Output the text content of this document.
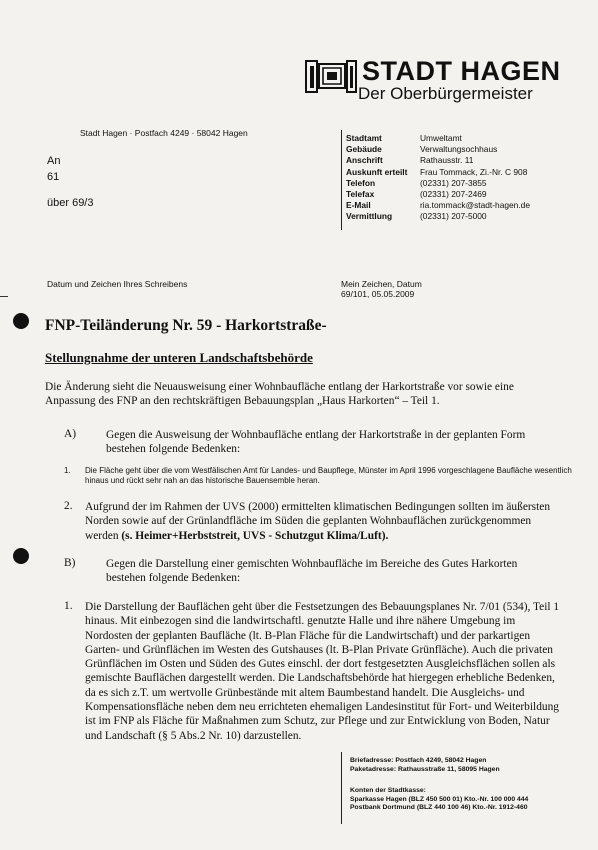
STADT HAGEN
Der Oberbürgermeister
Stadt Hagen · Postfach 4249 · 58042 Hagen
An
61
über 69/3
Stadtamt	Umweltamt
Gebäude	Verwaltungsochhaus
Anschrift	Rathausstr. 11
Auskunft erteilt	Frau Tommack, Zi.-Nr. C 908
Telefon	(02331) 207-3855
Telefax	(02331) 207-2469
E-Mail	ria.tommack@stadt-hagen.de
Vermittlung	(02331) 207-5000
Datum und Zeichen Ihres Schreibens	Mein Zeichen, Datum
69/101, 05.05.2009
FNP-Teiländerung Nr. 59 - Harkortstraße-
Stellungnahme der unteren Landschaftsbehörde
Die Änderung sieht die Neuausweisung einer Wohnbaufläche entlang der Harkortstraße vor sowie eine Anpassung des FNP an den rechtskräftigen Bebauungsplan „Haus Harkorten“ – Teil 1.
A)	Gegen die Ausweisung der Wohnbaufläche entlang der Harkortstraße in der geplanten Form bestehen folgende Bedenken:
1. Die Fläche geht über die vom Westfälischen Amt für Landes- und Baupflege, Münster im April 1996 vorgeschlagene Baufläche wesentlich hinaus und rückt sehr nah an das historische Bauensemble heran.
2. Aufgrund der im Rahmen der UVS (2000) ermittelten klimatischen Bedingungen sollten im äußersten Norden sowie auf der Grünlandfläche im Süden die geplanten Wohnbauflächen zurückgenommen werden (s. Heimer+Herbststreit, UVS - Schutzgut Klima/Luft).
B)	Gegen die Darstellung einer gemischten Wohnbaufläche im Bereiche des Gutes Harkorten bestehen folgende Bedenken:
1. Die Darstellung der Bauflächen geht über die Festsetzungen des Bebauungsplanes Nr. 7/01 (534), Teil 1 hinaus. Mit einbezogen sind die landwirtschaftl. genutzte Halle und ihre nähere Umgebung im Nordosten der geplanten Baufläche (lt. B-Plan Fläche für die Landwirtschaft) und der parkartigen Garten- und Grünflächen im Westen des Gutshauses (lt. B-Plan Private Grünfläche). Auch die privaten Grünflächen im Osten und Süden des Gutes einschl. der dort festgesetzten Ausgleichsflächen sollen als gemischte Bauflächen dargestellt werden. Die Landschaftsbehörde hat hiergegen erhebliche Bedenken, da es sich z.T. um wertvolle Grünbestände mit altem Baumbestand handelt. Die Ausgleichs- und Kompensationsfläche neben dem neu errichteten ehemaligen Landesinstitut für Fort- und Weiterbildung ist im FNP als Fläche für Maßnahmen zum Schutz, zur Pflege und zur Entwicklung von Boden, Natur und Landschaft (§ 5 Abs.2 Nr. 10) darzustellen.
Briefadresse: Postfach 4249, 58042 Hagen
Paketadresse: Rathausstraße 11, 58095 Hagen
Konten der Stadtkasse:
Sparkasse Hagen (BLZ 450 500 01) Kto.-Nr. 100 000 444
Postbank Dortmund (BLZ 440 100 46) Kto.-Nr. 1912-460
